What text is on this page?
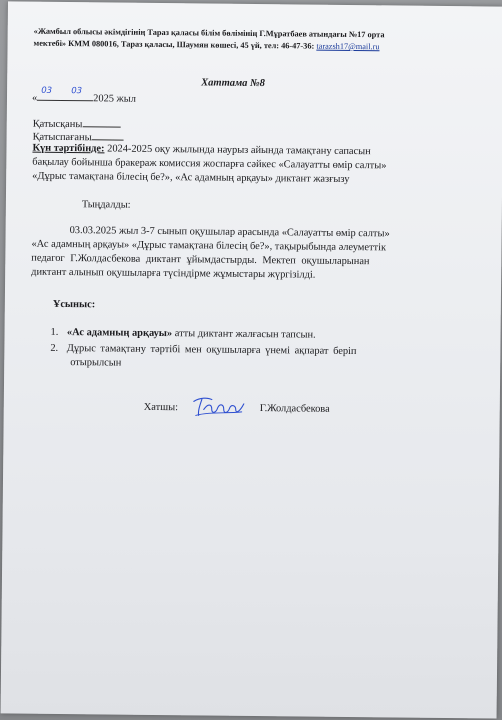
«Жамбыл облысы әкімдігінің Тараз қаласы білім бөлімінің Г.Мұратбаев атындағы №17 орта
мектебі» КММ 080016, Тараз қаласы, Шаумян көшесі, 45 үй, тел: 46-47-36: tarazsh17@mail.ru
Хаттама №8
«
03 03
2025 жыл
Қатысқаны
Қатыспағаны
Күн тәртібінде: 2024-2025 оқу жылында наурыз айында тамақтану сапасын
бақылау бойынша бракераж комиссия жоспарға сәйкес «Салауатты өмір салты»
«Дұрыс тамақтана білесің бе?», «Ас адамның арқауы» диктант жазғызу
Тыңдалды:
03.03.2025 жыл 3-7 сынып оқушылар арасында «Салауатты өмір салты»
«Ас адамның арқауы» «Дұрыс тамақтана білесің бе?», тақырыбында әлеуметтік
педагог Г.Жолдасбекова диктант ұйымдастырды. Мектеп оқушыларынан
диктант алынып оқушыларға түсіндірме жұмыстары жүргізілді.
Ұсыныс:
1. «Ас адамның арқауы» атты диктант жалғасын тапсын.
2. Дұрыс тамақтану тәртібі мен оқушыларға үнемі ақпарат беріп
отырылсын
Хатшы:	Г.Жолдасбекова
